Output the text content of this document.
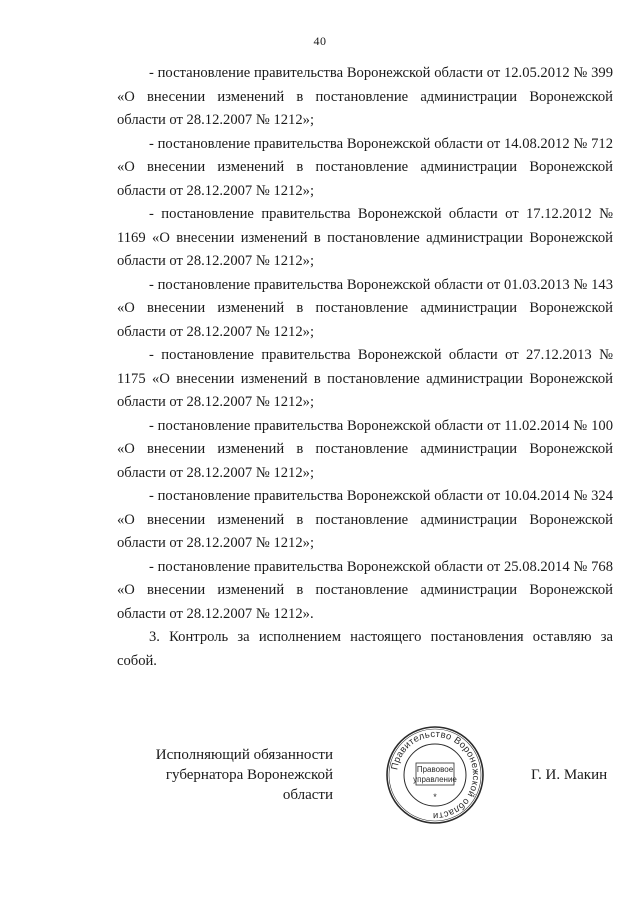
40

- постановление правительства Воронежской области от 12.05.2012 № 399 «О внесении изменений в постановление администрации Воронежской области от 28.12.2007 № 1212»;

- постановление правительства Воронежской области от 14.08.2012 № 712 «О внесении изменений в постановление администрации Воронежской области от 28.12.2007 № 1212»;

- постановление правительства Воронежской области от 17.12.2012 № 1169 «О внесении изменений в постановление администрации Воронежской области от 28.12.2007 № 1212»;

- постановление правительства Воронежской области от 01.03.2013 № 143 «О внесении изменений в постановление администрации Воронежской области от 28.12.2007 № 1212»;

- постановление правительства Воронежской области от 27.12.2013 № 1175 «О внесении изменений в постановление администрации Воронежской области от 28.12.2007 № 1212»;

- постановление правительства Воронежской области от 11.02.2014 № 100 «О внесении изменений в постановление администрации Воронежской области от 28.12.2007 № 1212»;

- постановление правительства Воронежской области от 10.04.2014 № 324 «О внесении изменений в постановление администрации Воронежской области от 28.12.2007 № 1212»;

- постановление правительства Воронежской области от 25.08.2014 № 768 «О внесении изменений в постановление администрации Воронежской области от 28.12.2007 № 1212».

3. Контроль за исполнением настоящего постановления оставляю за собой.

Исполняющий обязанности
губернатора Воронежской области
Правительство Воронежской области
Правовое
управление
*
Г. И. Макин
